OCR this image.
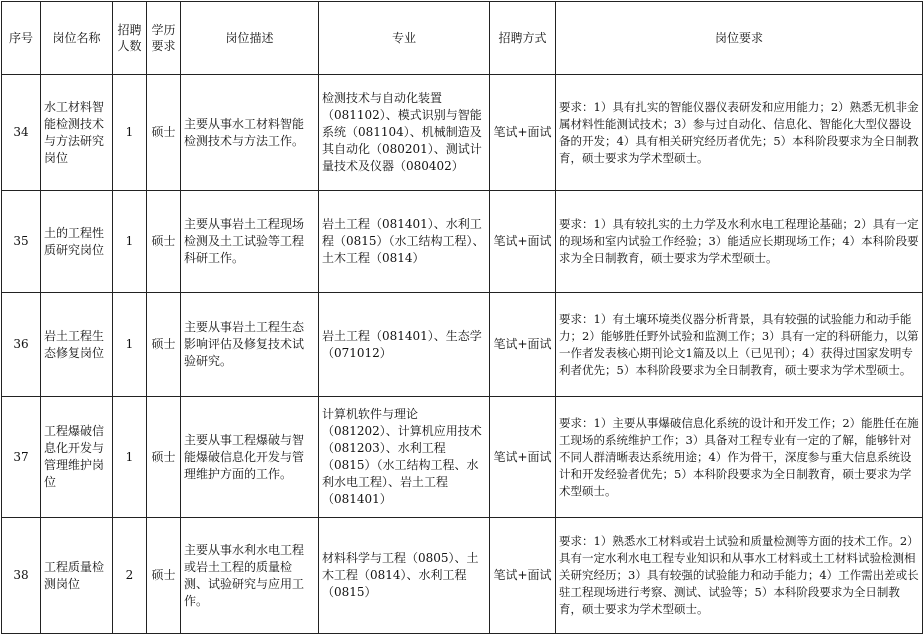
序号	岗位名称	招聘人数	学历要求	岗位描述	专业	招聘方式	岗位要求
34	水工材料智能检测技术与方法研究岗位	1	硕士	主要从事水工材料智能检测技术与方法工作。	检测技术与自动化装置（081102）、模式识别与智能系统（081104）、机械制造及其自动化（080201）、测试计量技术及仪器（080402）	笔试+面试	要求：1）具有扎实的智能仪器仪表研发和应用能力；2）熟悉无机非金属材料性能测试技术；3）参与过自动化、信息化、智能化大型仪器设备的开发；4）具有相关研究经历者优先；5）本科阶段要求为全日制教育，硕士要求为学术型硕士。
35	土的工程性质研究岗位	1	硕士	主要从事岩土工程现场检测及土工试验等工程科研工作。	岩土工程（081401）、水利工程（0815）（水工结构工程）、土木工程（0814）	笔试+面试	要求：1）具有较扎实的土力学及水利水电工程理论基础；2）具有一定的现场和室内试验工作经验；3）能适应长期现场工作；4）本科阶段要求为全日制教育，硕士要求为学术型硕士。
36	岩土工程生态修复岗位	1	硕士	主要从事岩土工程生态影响评估及修复技术试验研究。	岩土工程（081401）、生态学（071012）	笔试+面试	要求：1）有土壤环境类仪器分析背景，具有较强的试验能力和动手能力；2）能够胜任野外试验和监测工作；3）具有一定的科研能力，以第一作者发表核心期刊论文1篇及以上（已见刊）；4）获得过国家发明专利者优先；5）本科阶段要求为全日制教育，硕士要求为学术型硕士。
37	工程爆破信息化开发与管理维护岗位	1	硕士	主要从事工程爆破与智能爆破信息化开发与管理维护方面的工作。	计算机软件与理论（081202）、计算机应用技术（081203）、水利工程（0815）（水工结构工程、水利水电工程）、岩土工程（081401）	笔试+面试	要求：1）主要从事爆破信息化系统的设计和开发工作；2）能胜任在施工现场的系统维护工作；3）具备对工程专业有一定的了解，能够针对不同人群清晰表达系统用途；4）作为骨干，深度参与重大信息系统设计和开发经验者优先；5）本科阶段要求为全日制教育，硕士要求为学术型硕士。
38	工程质量检测岗位	2	硕士	主要从事水利水电工程或岩土工程的质量检测、试验研究与应用工作。	材料科学与工程（0805）、土木工程（0814）、水利工程（0815）	笔试+面试	要求：1）熟悉水工材料或岩土试验和质量检测等方面的技术工作。2）具有一定水利水电工程专业知识和从事水工材料或土工材料试验检测相关研究经历；3）具有较强的试验能力和动手能力；4）工作需出差或长驻工程现场进行考察、测试、试验等；5）本科阶段要求为全日制教育，硕士要求为学术型硕士。
